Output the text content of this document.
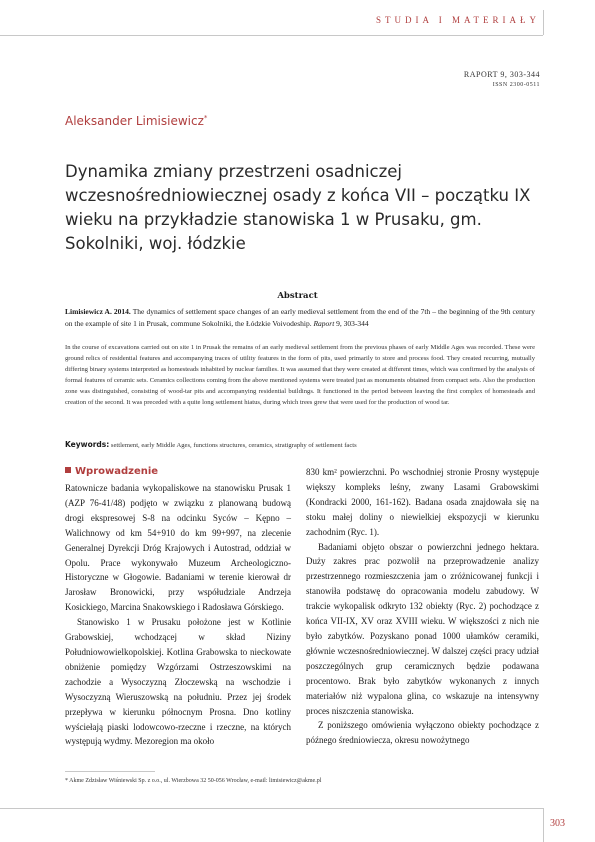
STUDIA I MATERIAŁY
RAPORT 9, 303-344
ISSN 2300-0511
Aleksander Limisiewicz*
Dynamika zmiany przestrzeni osadniczej wczesnośredniowiecznej osady z końca VII – początku IX wieku na przykładzie stanowiska 1 w Prusaku, gm. Sokolniki, woj. łódzkie
Abstract
Limisiewicz A. 2014. The dynamics of settlement space changes of an early medieval settlement from the end of the 7th – the beginning of the 9th century on the example of site 1 in Prusak, commune Sokolniki, the Łódzkie Voivodeship. Raport 9, 303-344
In the course of excavations carried out on site 1 in Prusak the remains of an early medieval settlement from the previous phases of early Middle Ages was recorded. These were ground relics of residential features and accompanying traces of utility features in the form of pits, used primarily to store and process food. They created recurring, mutually differing binary systems interpreted as homesteads inhabited by nuclear families. It was assumed that they were created at different times, which was confirmed by the analysis of formal features of ceramic sets. Ceramics collections coming from the above mentioned systems were treated just as monuments obtained from compact sets. Also the production zone was distinguished, consisting of wood-tar pits and accompanying residential buildings. It functioned in the period between leaving the first complex of homesteads and creation of the second. It was preceded with a quite long settlement hiatus, during which trees grew that were used for the production of wood tar.
Keywords: settlement, early Middle Ages, functions structures, ceramics, stratigraphy of settlement facts
Wprowadzenie

Ratownicze badania wykopaliskowe na stanowisku Prusak 1 (AZP 76-41/48) podjęto w związku z planowaną budową drogi ekspresowej S-8 na odcinku Syców – Kępno – Walichnowy od km 54+910 do km 99+997, na zlecenie Generalnej Dyrekcji Dróg Krajowych i Autostrad, oddział w Opolu. Prace wykonywało Muzeum Archeologiczno-Historyczne w Głogowie. Badaniami w terenie kierował dr Jarosław Bronowicki, przy współudziale Andrzeja Kosickiego, Marcina Snakowskiego i Radosława Górskiego.

Stanowisko 1 w Prusaku położone jest w Kotlinie Grabowskiej, wchodzącej w skład Niziny Południowowielkopolskiej. Kotlina Grabowska to nieckowate obniżenie pomiędzy Wzgórzami Ostrzeszowskimi na zachodzie a Wysoczyzną Złoczewską na wschodzie i Wysoczyzną Wieruszowską na południu. Przez jej środek przepływa w kierunku północnym Prosna. Dno kotliny wyściełają piaski lodowcowo-rzeczne i rzeczne, na których występują wydmy. Mezoregion ma około

830 km² powierzchni. Po wschodniej stronie Prosny występuje większy kompleks leśny, zwany Lasami Grabowskimi (Kondracki 2000, 161-162). Badana osada znajdowała się na stoku małej doliny o niewielkiej ekspozycji w kierunku zachodnim (Ryc. 1).

Badaniami objęto obszar o powierzchni jednego hektara. Duży zakres prac pozwolił na przeprowadzenie analizy przestrzennego rozmieszczenia jam o zróżnicowanej funkcji i stanowiła podstawę do opracowania modelu zabudowy. W trakcie wykopalisk odkryto 132 obiekty (Ryc. 2) pochodzące z końca VII-IX, XV oraz XVIII wieku. W większości z nich nie było zabytków. Pozyskano ponad 1000 ułamków ceramiki, głównie wczesnośredniowiecznej. W dalszej części pracy udział poszczególnych grup ceramicznych będzie podawana procentowo. Brak było zabytków wykonanych z innych materiałów niż wypalona glina, co wskazuje na intensywny proces niszczenia stanowiska.

Z poniższego omówienia wyłączono obiekty pochodzące z późnego średniowiecza, okresu nowożytnego

* Akme Zdzisław Wiśniewski Sp. z o.o., ul. Wierzbowa 32 50-056 Wrocław, e-mail: limisiewicz@akme.pl
303
